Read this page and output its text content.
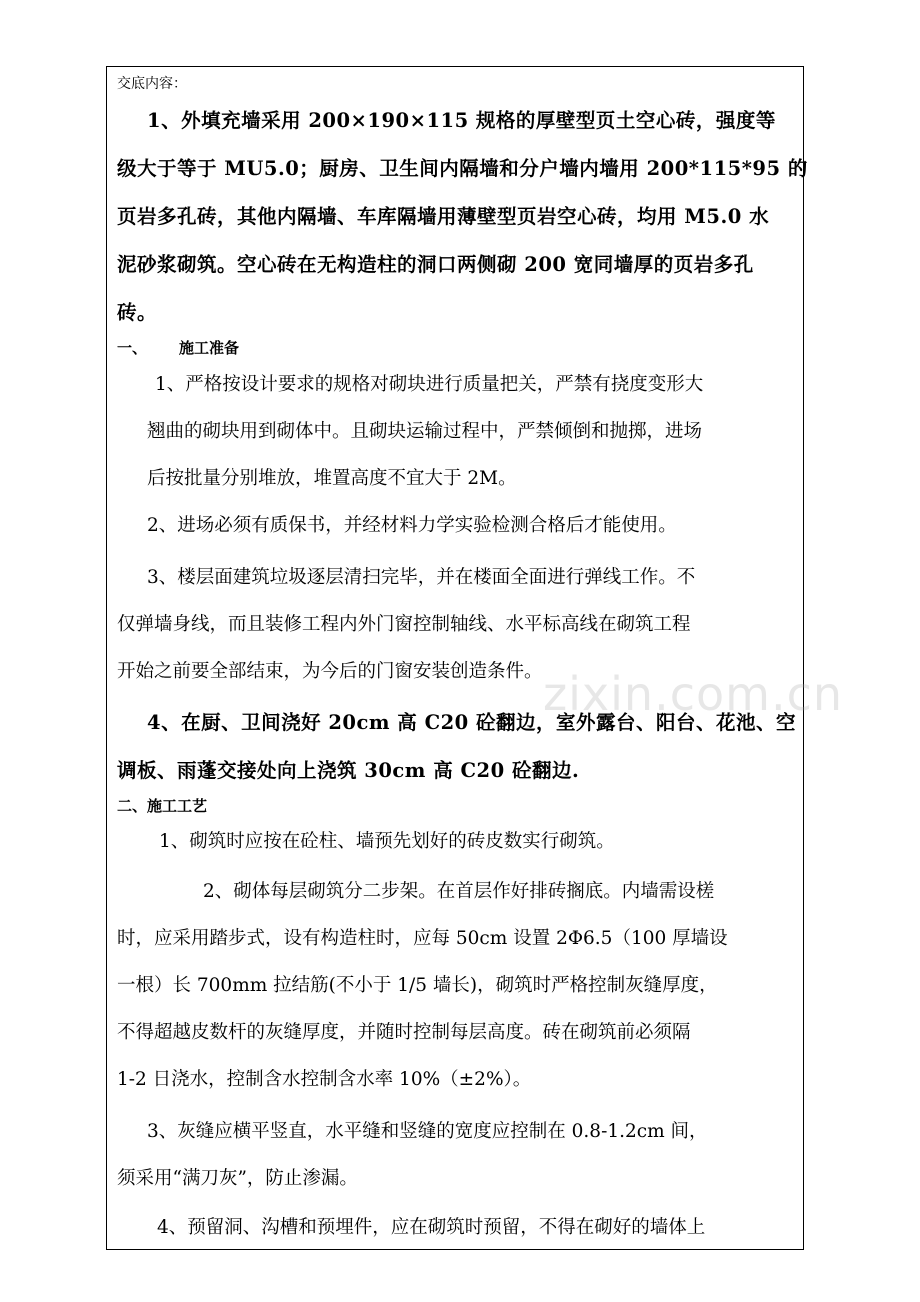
zixin.com.cn
交底内容：
1、外填充墙采用 200×190×115 规格的厚壁型页土空心砖，强度等
级大于等于 MU5.0；厨房、卫生间内隔墙和分户墙内墙用 200*115*95 的
页岩多孔砖，其他内隔墙、车库隔墙用薄壁型页岩空心砖，均用 M5.0 水
泥砂浆砌筑。空心砖在无构造柱的洞口两侧砌 200 宽同墙厚的页岩多孔
砖。
一、 施工准备
1、严格按设计要求的规格对砌块进行质量把关，严禁有挠度变形大
翘曲的砌块用到砌体中。且砌块运输过程中，严禁倾倒和抛掷，进场
后按批量分别堆放，堆置高度不宜大于 2M。
2、进场必须有质保书，并经材料力学实验检测合格后才能使用。
3、楼层面建筑垃圾逐层清扫完毕，并在楼面全面进行弹线工作。不
仅弹墙身线，而且装修工程内外门窗控制轴线、水平标高线在砌筑工程
开始之前要全部结束，为今后的门窗安装创造条件。
4、在厨、卫间浇好 20cm 高 C20 砼翻边，室外露台、阳台、花池、空
调板、雨蓬交接处向上浇筑 30cm 高 C20 砼翻边.
二、施工工艺
1、砌筑时应按在砼柱、墙预先划好的砖皮数实行砌筑。
2、砌体每层砌筑分二步架。在首层作好排砖搁底。内墙需设槎
时，应采用踏步式，设有构造柱时，应每 50cm 设置 2Φ6.5（100 厚墙设
一根）长 700mm 拉结筋(不小于 1/5 墙长)，砌筑时严格控制灰缝厚度，
不得超越皮数杆的灰缝厚度，并随时控制每层高度。砖在砌筑前必须隔
1-2 日浇水，控制含水控制含水率 10%（±2%）。
3、灰缝应横平竖直，水平缝和竖缝的宽度应控制在 0.8-1.2cm 间，
须采用“满刀灰”，防止渗漏。
4、预留洞、沟槽和预埋件，应在砌筑时预留，不得在砌好的墙体上
